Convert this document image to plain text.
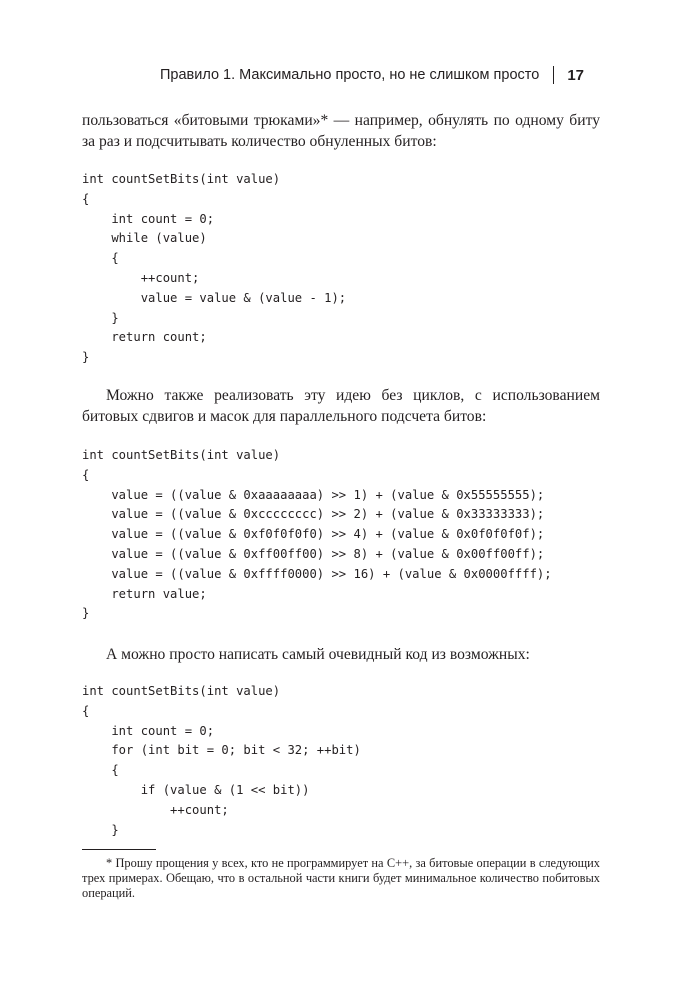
Правило 1. Максимально просто, но не слишком просто 17

пользоваться «битовыми трюками»* — например, обнулять по одному биту за раз и подсчитывать количество обнуленных битов:

int countSetBits(int value)
{
int count = 0;
while (value)
{
++count;
value = value & (value - 1);
}
return count;
}

Можно также реализовать эту идею без циклов, с использованием битовых сдвигов и масок для параллельного подсчета битов:

int countSetBits(int value)
{
value = ((value & 0xaaaaaaaa) >> 1) + (value & 0x55555555);
value = ((value & 0xcccccccc) >> 2) + (value & 0x33333333);
value = ((value & 0xf0f0f0f0) >> 4) + (value & 0x0f0f0f0f);
value = ((value & 0xff00ff00) >> 8) + (value & 0x00ff00ff);
value = ((value & 0xffff0000) >> 16) + (value & 0x0000ffff);
return value;
}

А можно просто написать самый очевидный код из возможных:

int countSetBits(int value)
{
int count = 0;
for (int bit = 0; bit < 32; ++bit)
{
if (value & (1 << bit))
++count;
}

* Прошу прощения у всех, кто не программирует на C++, за битовые операции в следующих трех примерах. Обещаю, что в остальной части книги будет минимальное количество побитовых операций.
